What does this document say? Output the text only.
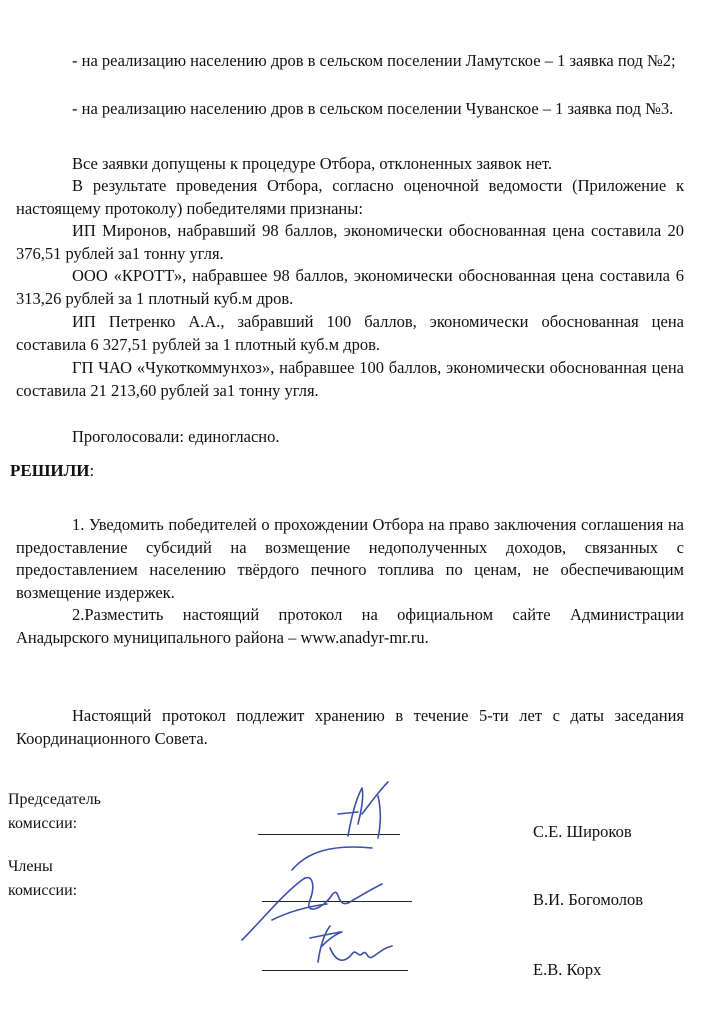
- на реализацию населению дров в сельском поселении Ламутское – 1 заявка под №2;
- на реализацию населению дров в сельском поселении Чуванское – 1 заявка под №3.
Все заявки допущены к процедуре Отбора, отклоненных заявок нет.
В результате проведения Отбора, согласно оценочной ведомости (Приложение к настоящему протоколу) победителями признаны:
ИП Миронов, набравший 98 баллов, экономически обоснованная цена составила 20 376,51 рублей за1 тонну угля.
ООО «КРОТТ», набравшее 98 баллов, экономически обоснованная цена составила 6 313,26 рублей за 1 плотный куб.м дров.
ИП Петренко А.А., забравший 100 баллов, экономически обоснованная цена составила 6 327,51 рублей за 1 плотный куб.м дров.
ГП ЧАО «Чукоткоммунхоз», набравшее 100 баллов, экономически обоснованная цена составила 21 213,60 рублей за1 тонну угля.
Проголосовали: единогласно.
РЕШИЛИ:
1. Уведомить победителей о прохождении Отбора на право заключения соглашения на предоставление субсидий на возмещение недополученных доходов, связанных с предоставлением населению твёрдого печного топлива по ценам, не обеспечивающим возмещение издержек.
2.Разместить настоящий протокол на официальном сайте Администрации Анадырского муниципального района – www.anadyr-mr.ru.
Настоящий протокол подлежит хранению в течение 5-ти лет с даты заседания Координационного Совета.
Председатель
комиссии:	С.Е. Широков
Члены
комиссии:	В.И. Богомолов
Е.В. Корх
